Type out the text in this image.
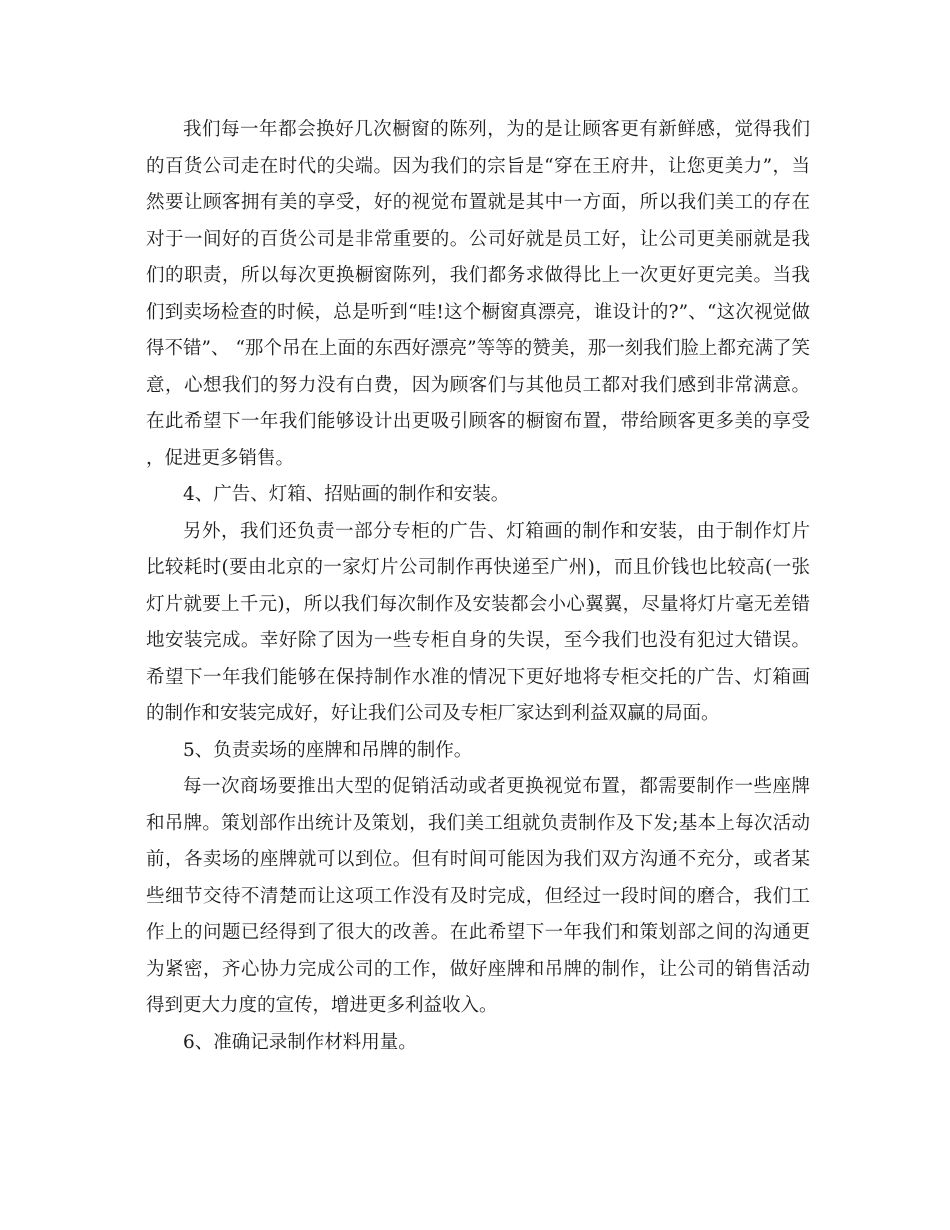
我们每一年都会换好几次橱窗的陈列，为的是让顾客更有新鲜感，觉得我们的百货公司走在时代的尖端。因为我们的宗旨是“穿在王府井，让您更美力”，当然要让顾客拥有美的享受，好的视觉布置就是其中一方面，所以我们美工的存在对于一间好的百货公司是非常重要的。公司好就是员工好，让公司更美丽就是我们的职责，所以每次更换橱窗陈列，我们都务求做得比上一次更好更完美。当我们到卖场检查的时候，总是听到“哇!这个橱窗真漂亮，谁设计的?”、“这次视觉做得不错”、 “那个吊在上面的东西好漂亮”等等的赞美，那一刻我们脸上都充满了笑意，心想我们的努力没有白费，因为顾客们与其他员工都对我们感到非常满意。在此希望下一年我们能够设计出更吸引顾客的橱窗布置，带给顾客更多美的享受，促进更多销售。

4、广告、灯箱、招贴画的制作和安装。

另外，我们还负责一部分专柜的广告、灯箱画的制作和安装，由于制作灯片比较耗时(要由北京的一家灯片公司制作再快递至广州)，而且价钱也比较高(一张灯片就要上千元)，所以我们每次制作及安装都会小心翼翼，尽量将灯片毫无差错地安装完成。幸好除了因为一些专柜自身的失误，至今我们也没有犯过大错误。希望下一年我们能够在保持制作水准的情况下更好地将专柜交托的广告、灯箱画的制作和安装完成好，好让我们公司及专柜厂家达到利益双赢的局面。

5、负责卖场的座牌和吊牌的制作。

每一次商场要推出大型的促销活动或者更换视觉布置，都需要制作一些座牌和吊牌。策划部作出统计及策划，我们美工组就负责制作及下发;基本上每次活动前，各卖场的座牌就可以到位。但有时间可能因为我们双方沟通不充分，或者某些细节交待不清楚而让这项工作没有及时完成，但经过一段时间的磨合，我们工作上的问题已经得到了很大的改善。在此希望下一年我们和策划部之间的沟通更为紧密，齐心协力完成公司的工作，做好座牌和吊牌的制作，让公司的销售活动得到更大力度的宣传，增进更多利益收入。

6、准确记录制作材料用量。
